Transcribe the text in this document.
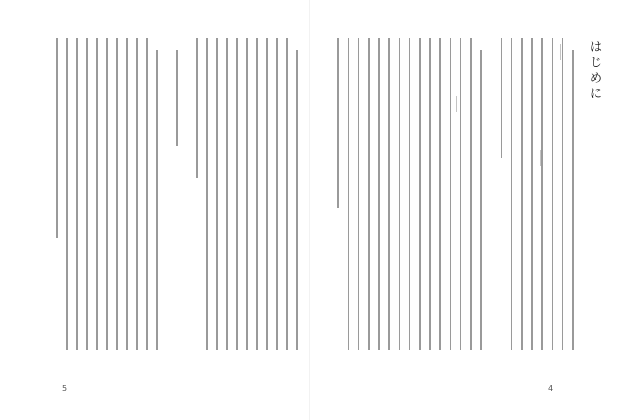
はじめに
4
5
